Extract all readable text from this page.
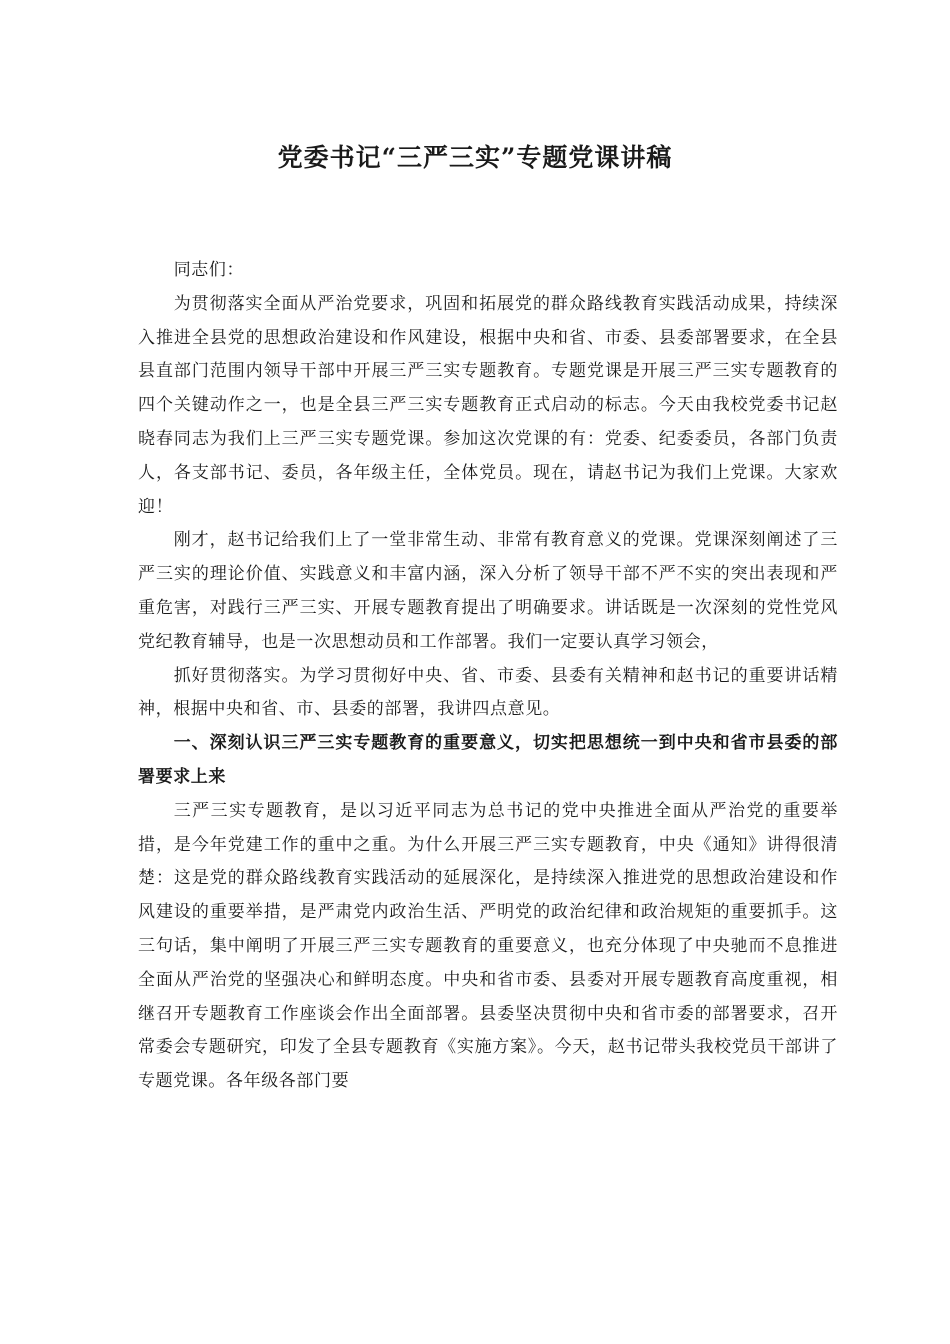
党委书记“三严三实”专题党课讲稿

同志们：

为贯彻落实全面从严治党要求，巩固和拓展党的群众路线教育实践活动成果，持续深入推进全县党的思想政治建设和作风建设，根据中央和省、市委、县委部署要求，在全县县直部门范围内领导干部中开展三严三实专题教育。专题党课是开展三严三实专题教育的四个关键动作之一，也是全县三严三实专题教育正式启动的标志。今天由我校党委书记赵晓春同志为我们上三严三实专题党课。参加这次党课的有：党委、纪委委员，各部门负责人，各支部书记、委员，各年级主任，全体党员。现在，请赵书记为我们上党课。大家欢迎！

刚才，赵书记给我们上了一堂非常生动、非常有教育意义的党课。党课深刻阐述了三严三实的理论价值、实践意义和丰富内涵，深入分析了领导干部不严不实的突出表现和严重危害，对践行三严三实、开展专题教育提出了明确要求。讲话既是一次深刻的党性党风党纪教育辅导，也是一次思想动员和工作部署。我们一定要认真学习领会，

抓好贯彻落实。为学习贯彻好中央、省、市委、县委有关精神和赵书记的重要讲话精神，根据中央和省、市、县委的部署，我讲四点意见。

一、深刻认识三严三实专题教育的重要意义，切实把思想统一到中央和省市县委的部署要求上来

三严三实专题教育，是以习近平同志为总书记的党中央推进全面从严治党的重要举措，是今年党建工作的重中之重。为什么开展三严三实专题教育，中央《通知》讲得很清楚：这是党的群众路线教育实践活动的延展深化，是持续深入推进党的思想政治建设和作风建设的重要举措，是严肃党内政治生活、严明党的政治纪律和政治规矩的重要抓手。这三句话，集中阐明了开展三严三实专题教育的重要意义，也充分体现了中央驰而不息推进全面从严治党的坚强决心和鲜明态度。中央和省市委、县委对开展专题教育高度重视，相继召开专题教育工作座谈会作出全面部署。县委坚决贯彻中央和省市委的部署要求，召开常委会专题研究，印发了全县专题教育《实施方案》。今天，赵书记带头我校党员干部讲了专题党课。各年级各部门要
